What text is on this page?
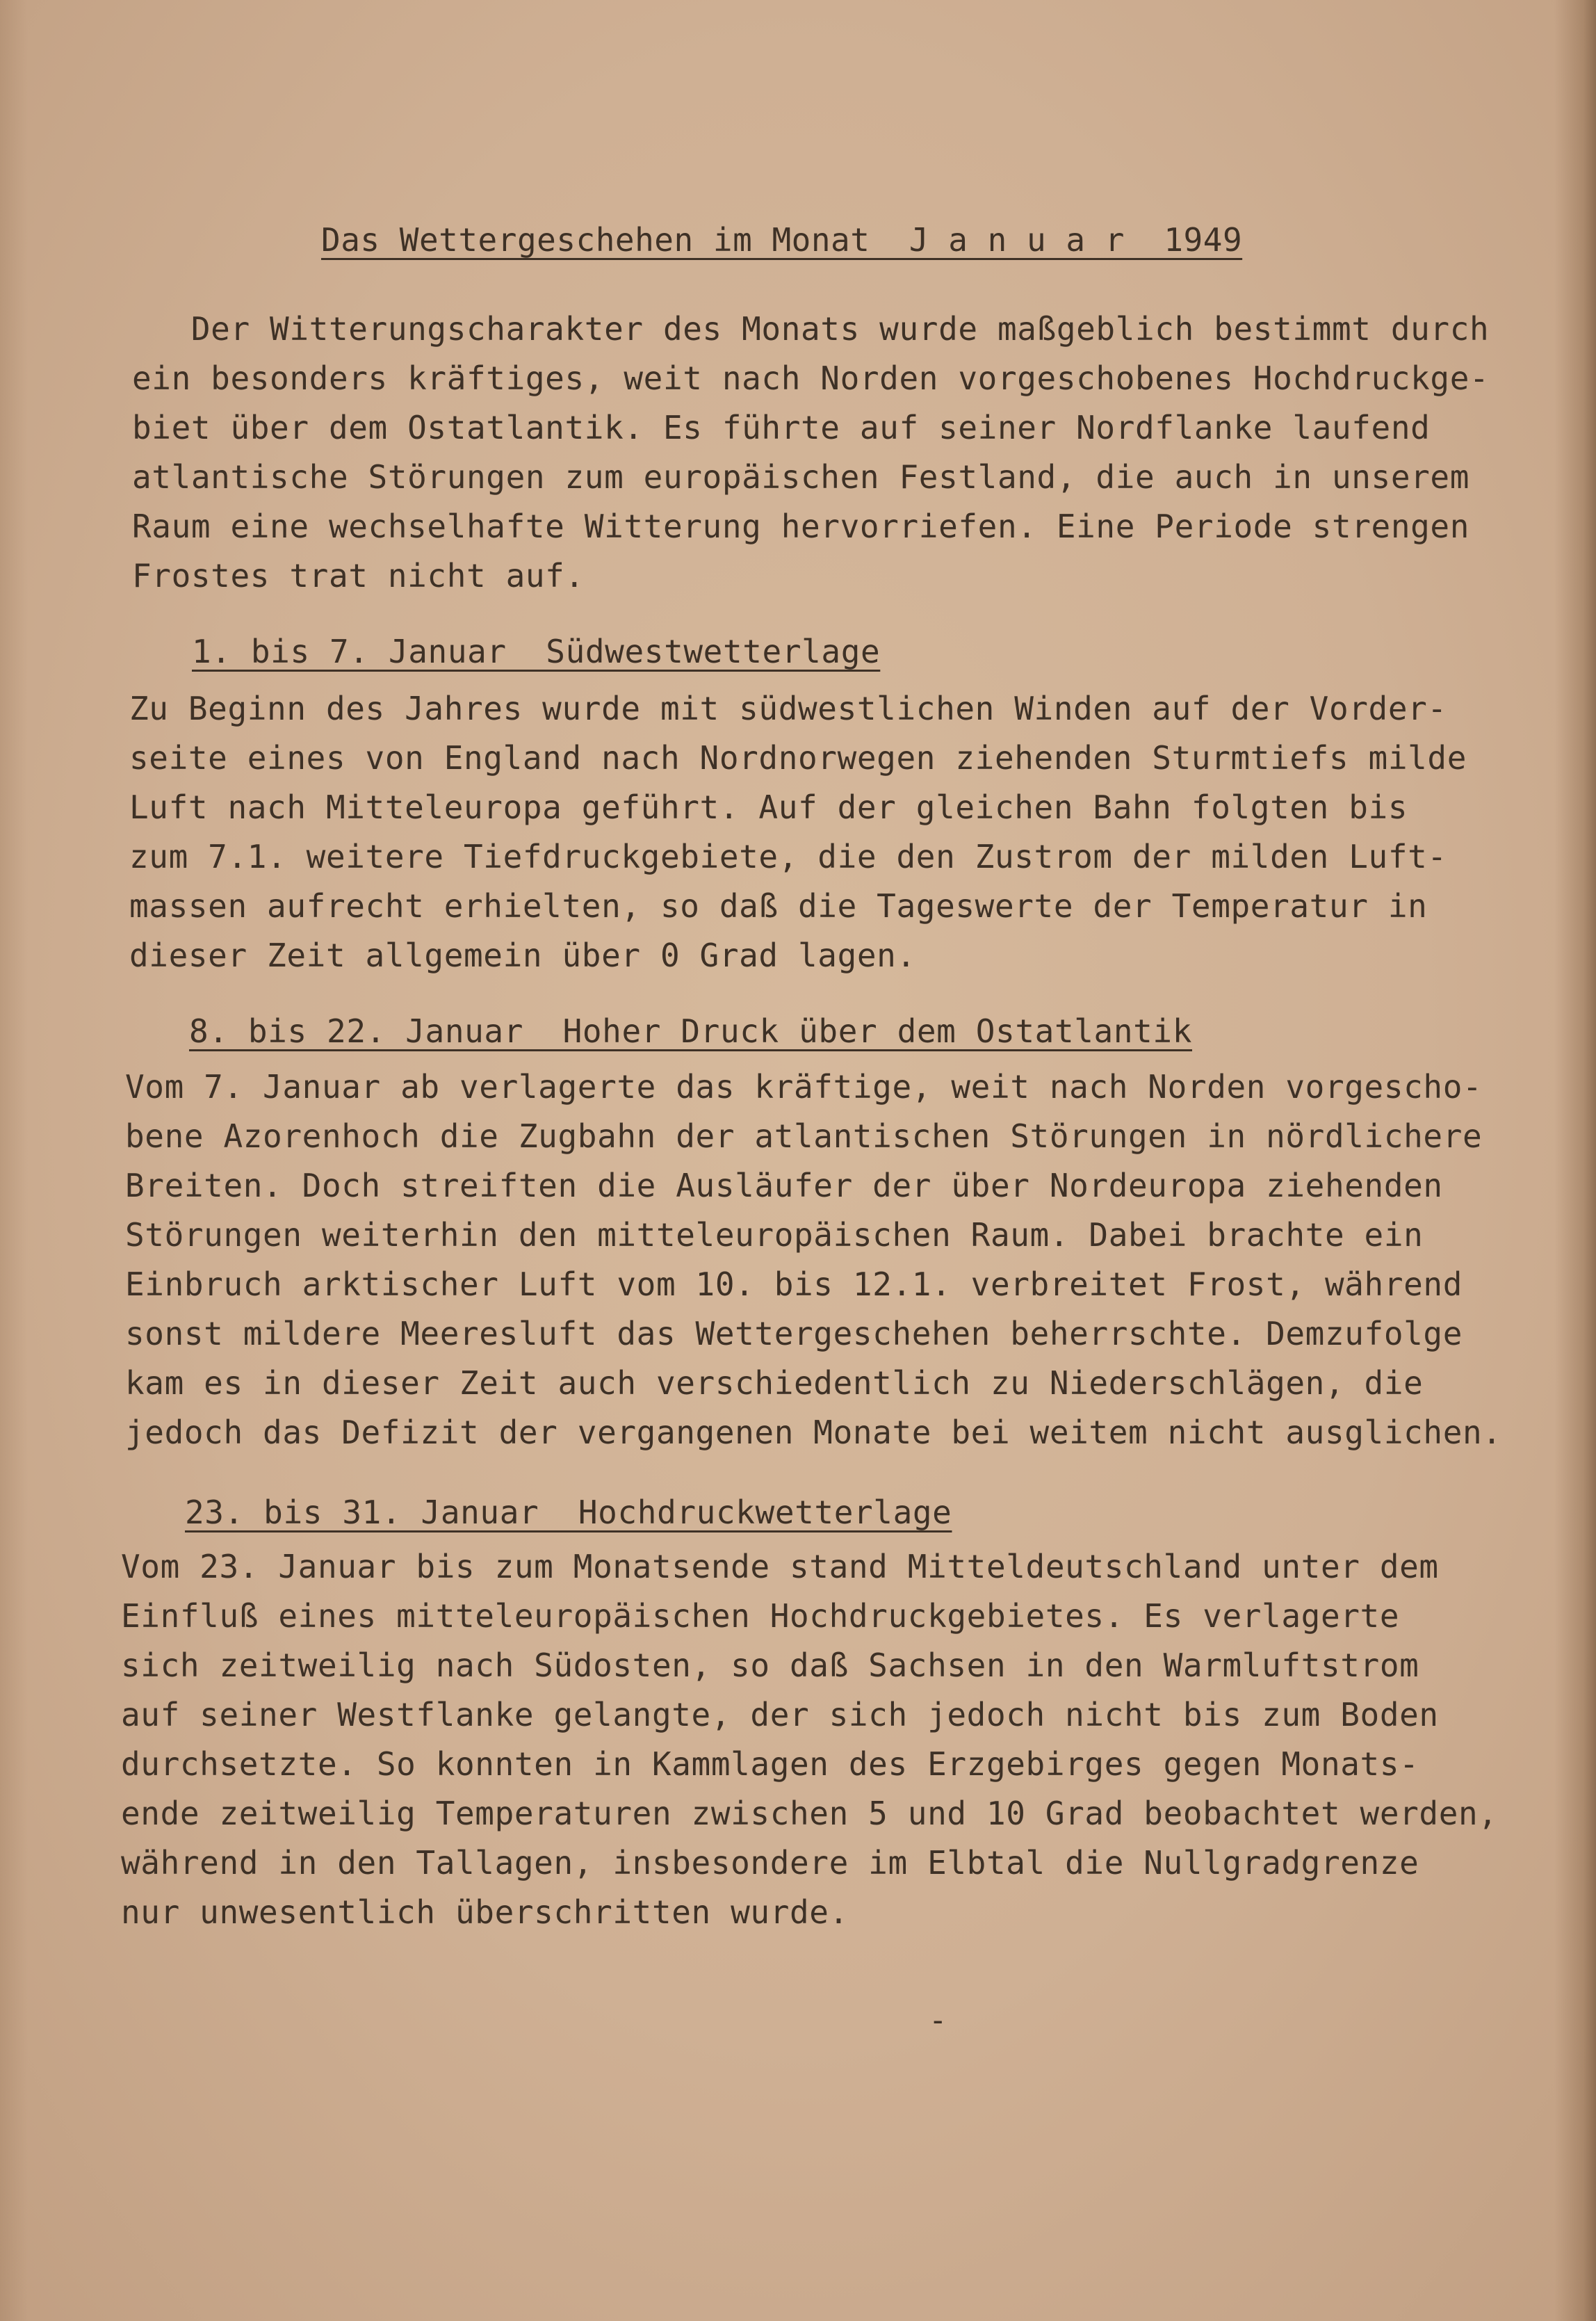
Das Wettergeschehen im Monat  J a n u a r  1949
Der Witterungscharakter des Monats wurde maßgeblich bestimmt durch
ein besonders kräftiges, weit nach Norden vorgeschobenes Hochdruckge-
biet über dem Ostatlantik. Es führte auf seiner Nordflanke laufend
atlantische Störungen zum europäischen Festland, die auch in unserem
Raum eine wechselhafte Witterung hervorriefen. Eine Periode strengen
Frostes trat nicht auf.
1. bis 7. Januar  Südwestwetterlage
Zu Beginn des Jahres wurde mit südwestlichen Winden auf der Vorder-
seite eines von England nach Nordnorwegen ziehenden Sturmtiefs milde
Luft nach Mitteleuropa geführt. Auf der gleichen Bahn folgten bis
zum 7.1. weitere Tiefdruckgebiete, die den Zustrom der milden Luft-
massen aufrecht erhielten, so daß die Tageswerte der Temperatur in
dieser Zeit allgemein über 0 Grad lagen.
8. bis 22. Januar  Hoher Druck über dem Ostatlantik
Vom 7. Januar ab verlagerte das kräftige, weit nach Norden vorgescho-
bene Azorenhoch die Zugbahn der atlantischen Störungen in nördlichere
Breiten. Doch streiften die Ausläufer der über Nordeuropa ziehenden
Störungen weiterhin den mitteleuropäischen Raum. Dabei brachte ein
Einbruch arktischer Luft vom 10. bis 12.1. verbreitet Frost, während
sonst mildere Meeresluft das Wettergeschehen beherrschte. Demzufolge
kam es in dieser Zeit auch verschiedentlich zu Niederschlägen, die
jedoch das Defizit der vergangenen Monate bei weitem nicht ausglichen.
23. bis 31. Januar  Hochdruckwetterlage
Vom 23. Januar bis zum Monatsende stand Mitteldeutschland unter dem
Einfluß eines mitteleuropäischen Hochdruckgebietes. Es verlagerte
sich zeitweilig nach Südosten, so daß Sachsen in den Warmluftstrom
auf seiner Westflanke gelangte, der sich jedoch nicht bis zum Boden
durchsetzte. So konnten in Kammlagen des Erzgebirges gegen Monats-
ende zeitweilig Temperaturen zwischen 5 und 10 Grad beobachtet werden,
während in den Tallagen, insbesondere im Elbtal die Nullgradgrenze
nur unwesentlich überschritten wurde.
-
